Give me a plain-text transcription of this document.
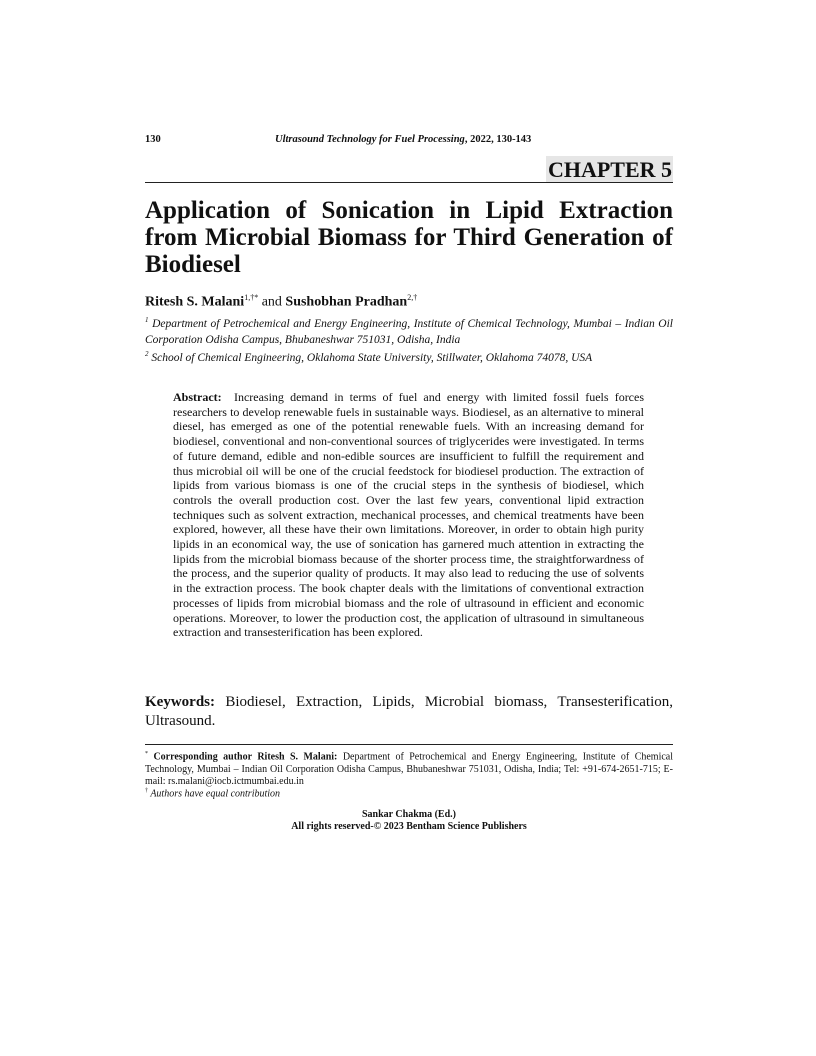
130	Ultrasound Technology for Fuel Processing, 2022, 130-143
CHAPTER 5
Application of Sonication in Lipid Extraction from Microbial Biomass for Third Generation of Biodiesel
Ritesh S. Malani$^{1,\dagger*}$ and Sushobhan Pradhan$^{2,\dagger}$
$^1$ Department of Petrochemical and Energy Engineering, Institute of Chemical Technology, Mumbai – Indian Oil Corporation Odisha Campus, Bhubaneshwar 751031, Odisha, India
$^2$ School of Chemical Engineering, Oklahoma State University, Stillwater, Oklahoma 74078, USA

Abstract: Increasing demand in terms of fuel and energy with limited fossil fuels forces researchers to develop renewable fuels in sustainable ways. Biodiesel, as an alternative to mineral diesel, has emerged as one of the potential renewable fuels. With an increasing demand for biodiesel, conventional and non-conventional sources of triglycerides were investigated. In terms of future demand, edible and non-edible sources are insufficient to fulfill the requirement and thus microbial oil will be one of the crucial feedstock for biodiesel production. The extraction of lipids from various biomass is one of the crucial steps in the synthesis of biodiesel, which controls the overall production cost. Over the last few years, conventional lipid extraction techniques such as solvent extraction, mechanical processes, and chemical treatments have been explored, however, all these have their own limitations. Moreover, in order to obtain high purity lipids in an economical way, the use of sonication has garnered much attention in extracting the lipids from the microbial biomass because of the shorter process time, the straightforwardness of the process, and the superior quality of products. It may also lead to reducing the use of solvents in the extraction process. The book chapter deals with the limitations of conventional extraction processes of lipids from microbial biomass and the role of ultrasound in efficient and economic operations. Moreover, to lower the production cost, the application of ultrasound in simultaneous extraction and transesterification has been explored.

Keywords: Biodiesel, Extraction, Lipids, Microbial biomass, Transesterification, Ultrasound.
* Corresponding author Ritesh S. Malani: Department of Petrochemical and Energy Engineering, Institute of Chemical Technology, Mumbai – Indian Oil Corporation Odisha Campus, Bhubaneshwar 751031, Odisha, India; Tel: +91-674-2651-715; E-mail: rs.malani@iocb.ictmumbai.edu.in
† Authors have equal contribution
Sankar Chakma (Ed.)
All rights reserved-© 2023 Bentham Science Publishers
